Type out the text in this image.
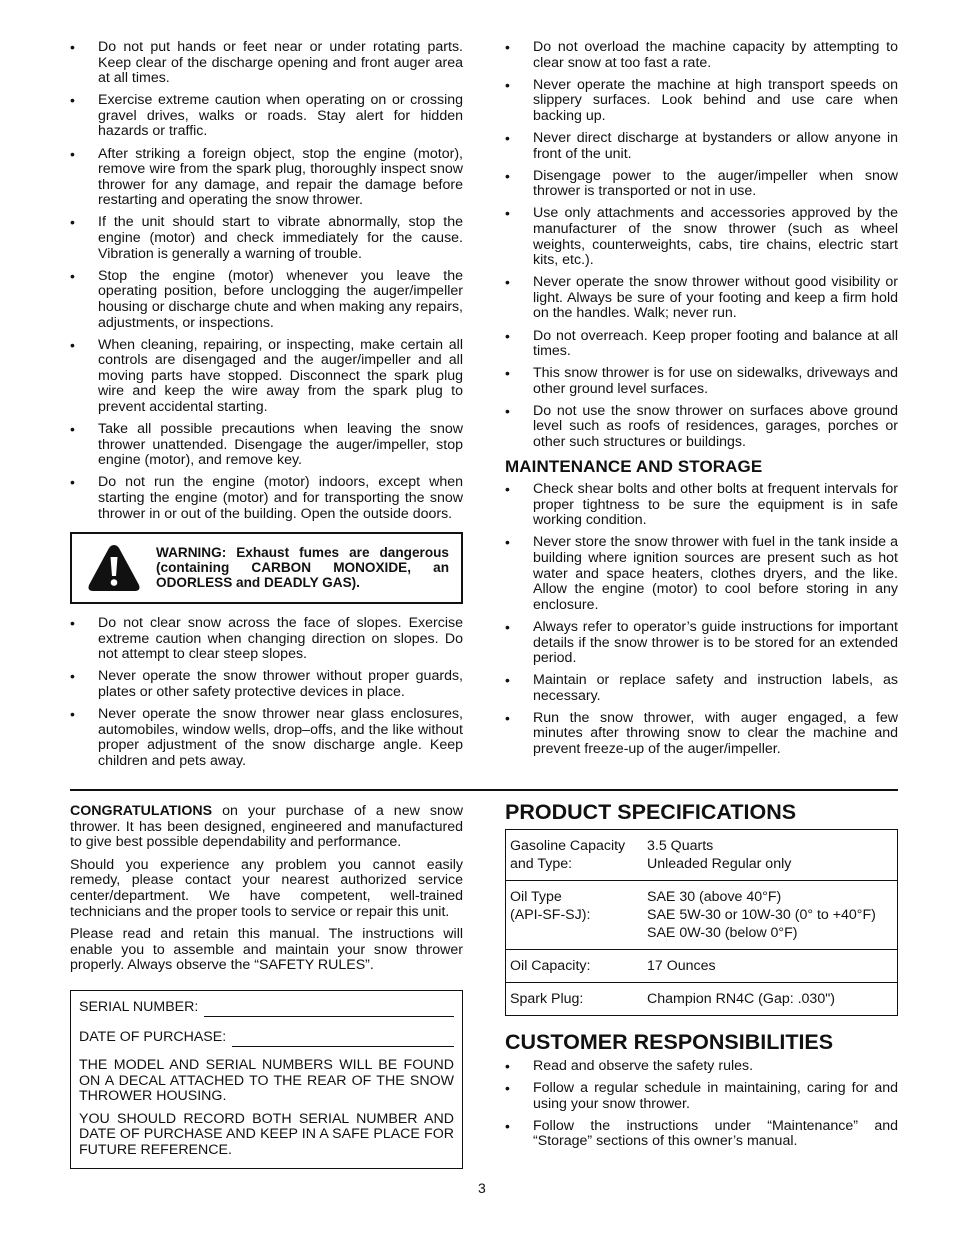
• Do not put hands or feet near or under rotating parts. Keep clear of the discharge opening and front auger area at all times.
• Exercise extreme caution when operating on or crossing gravel drives, walks or roads. Stay alert for hidden hazards or traffic.
• After striking a foreign object, stop the engine (motor), remove wire from the spark plug, thoroughly inspect snow thrower for any damage, and repair the damage before restarting and operating the snow thrower.
• If the unit should start to vibrate abnormally, stop the engine (motor) and check immediately for the cause. Vibration is generally a warning of trouble.
• Stop the engine (motor) whenever you leave the operating position, before unclogging the auger/impeller housing or discharge chute and when making any repairs, adjustments, or inspections.
• When cleaning, repairing, or inspecting, make certain all controls are disengaged and the auger/impeller and all moving parts have stopped. Disconnect the spark plug wire and keep the wire away from the spark plug to prevent accidental starting.
• Take all possible precautions when leaving the snow thrower unattended. Disengage the auger/impeller, stop engine (motor), and remove key.
• Do not run the engine (motor) indoors, except when starting the engine (motor) and for transporting the snow thrower in or out of the building. Open the outside doors.
WARNING: Exhaust fumes are dangerous (containing CARBON MONOXIDE, an ODORLESS and DEADLY GAS).
• Do not clear snow across the face of slopes. Exercise extreme caution when changing direction on slopes. Do not attempt to clear steep slopes.
• Never operate the snow thrower without proper guards, plates or other safety protective devices in place.
• Never operate the snow thrower near glass enclosures, automobiles, window wells, drop–offs, and the like without proper adjustment of the snow discharge angle. Keep children and pets away.
• Do not overload the machine capacity by attempting to clear snow at too fast a rate.
• Never operate the machine at high transport speeds on slippery surfaces. Look behind and use care when backing up.
• Never direct discharge at bystanders or allow anyone in front of the unit.
• Disengage power to the auger/impeller when snow thrower is transported or not in use.
• Use only attachments and accessories approved by the manufacturer of the snow thrower (such as wheel weights, counterweights, cabs, tire chains, electric start kits, etc.).
• Never operate the snow thrower without good visibility or light. Always be sure of your footing and keep a firm hold on the handles. Walk; never run.
• Do not overreach. Keep proper footing and balance at all times.
• This snow thrower is for use on sidewalks, driveways and other ground level surfaces.
• Do not use the snow thrower on surfaces above ground level such as roofs of residences, garages, porches or other such structures or buildings.
MAINTENANCE AND STORAGE
• Check shear bolts and other bolts at frequent intervals for proper tightness to be sure the equipment is in safe working condition.
• Never store the snow thrower with fuel in the tank inside a building where ignition sources are present such as hot water and space heaters, clothes dryers, and the like. Allow the engine (motor) to cool before storing in any enclosure.
• Always refer to operator’s guide instructions for important details if the snow thrower is to be stored for an extended period.
• Maintain or replace safety and instruction labels, as necessary.
• Run the snow thrower, with auger engaged, a few minutes after throwing snow to clear the machine and prevent freeze-up of the auger/impeller.

CONGRATULATIONS on your purchase of a new snow thrower. It has been designed, engineered and manufactured to give best possible dependability and performance.

Should you experience any problem you cannot easily remedy, please contact your nearest authorized service center/department. We have competent, well-trained technicians and the proper tools to service or repair this unit.

Please read and retain this manual. The instructions will enable you to assemble and maintain your snow thrower properly. Always observe the “SAFETY RULES”.

SERIAL NUMBER:
DATE OF PURCHASE:

THE MODEL AND SERIAL NUMBERS WILL BE FOUND ON A DECAL ATTACHED TO THE REAR OF THE SNOW THROWER HOUSING.

YOU SHOULD RECORD BOTH SERIAL NUMBER AND DATE OF PURCHASE AND KEEP IN A SAFE PLACE FOR FUTURE REFERENCE.

PRODUCT SPECIFICATIONS
Gasoline Capacity
and Type:	3.5 Quarts
Unleaded Regular only

Oil Type
(API-SF-SJ):	SAE 30 (above 40°F)
SAE 5W-30 or 10W-30 (0° to +40°F)
SAE 0W-30 (below 0°F)

Oil Capacity:	17 Ounces

Spark Plug:	Champion RN4C (Gap: .030")
CUSTOMER RESPONSIBILITIES
• Read and observe the safety rules.
• Follow a regular schedule in maintaining, caring for and using your snow thrower.
• Follow the instructions under “Maintenance” and “Storage” sections of this owner’s manual.
3
